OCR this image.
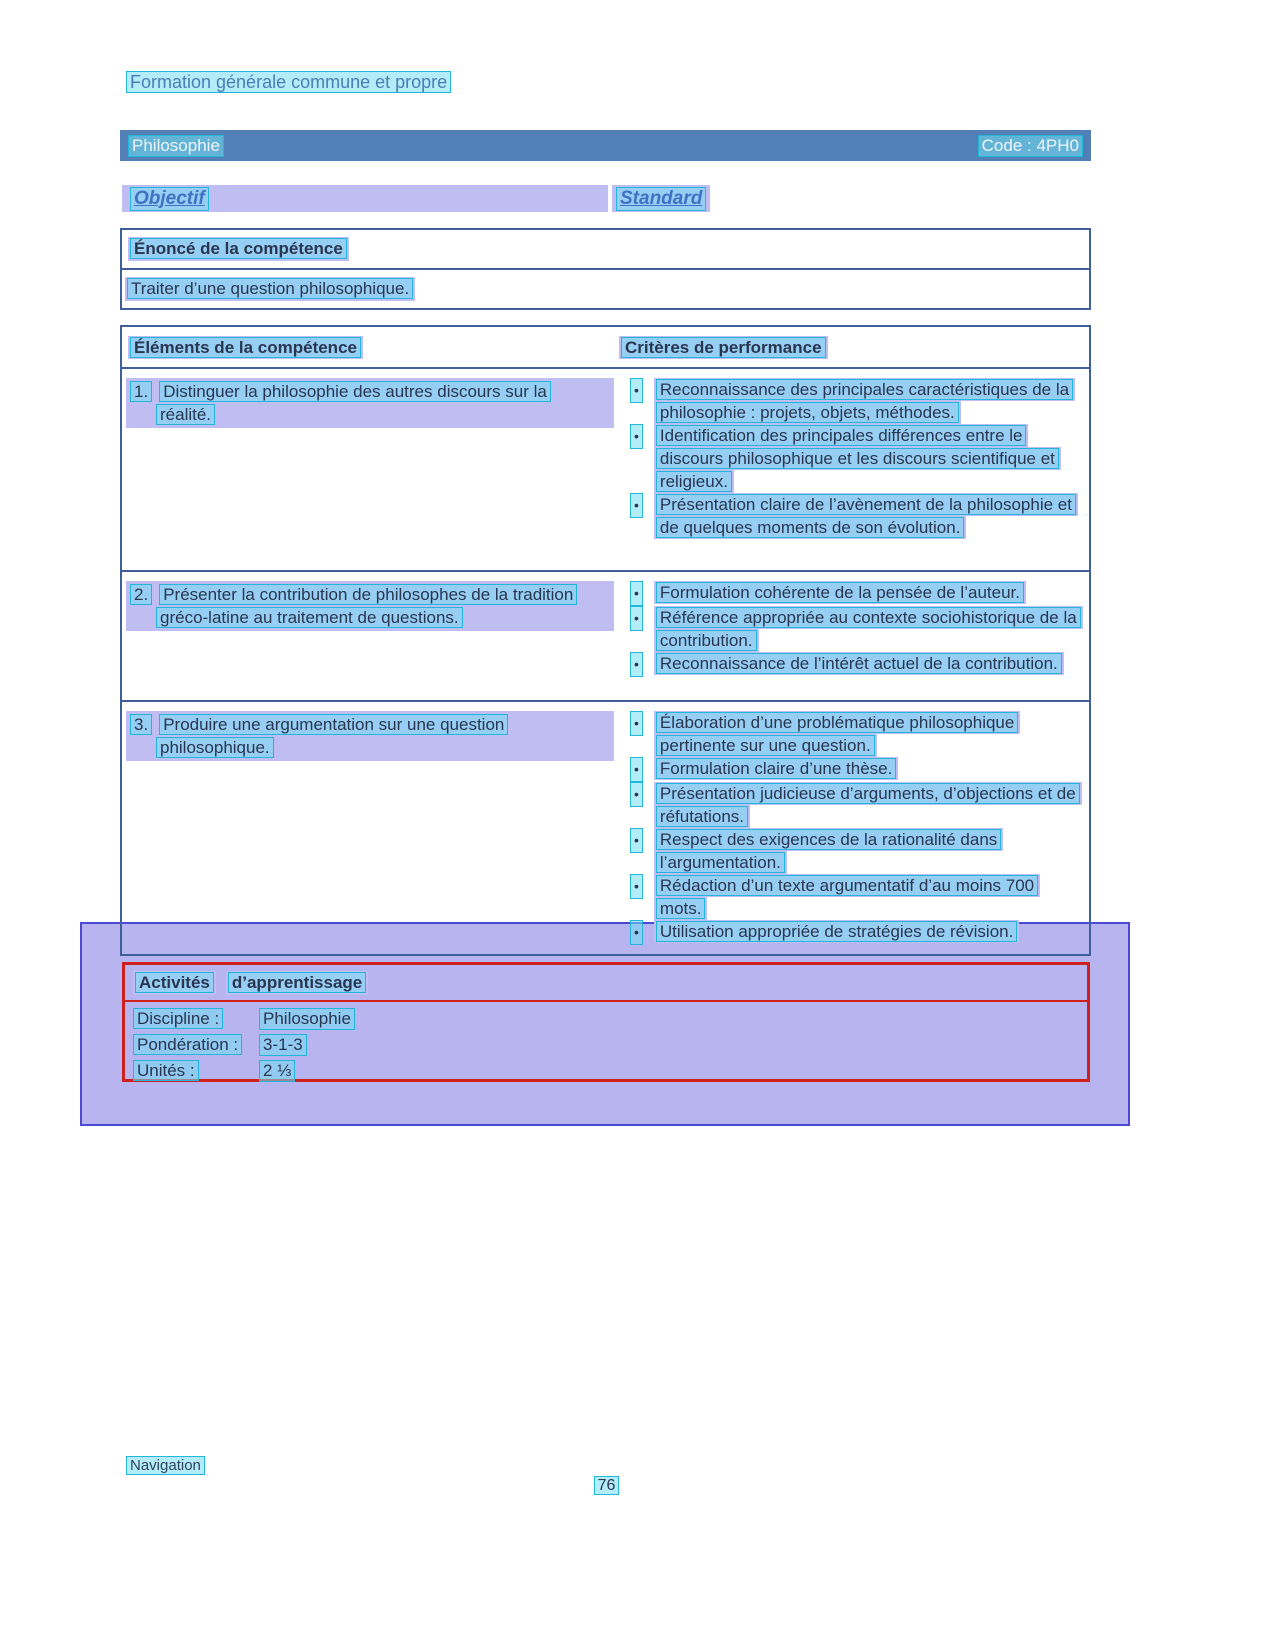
Formation générale commune et propre
Philosophie	Code : 4PH0
Objectif	Standard
Énoncé de la compétence
Traiter d’une question philosophique.
Éléments de la compétence	Critères de performance
1. Distinguer la philosophie des autres discours sur la réalité.
•	Reconnaissance des principales caractéristiques de la philosophie : projets, objets, méthodes.
•	Identification des principales différences entre le discours philosophique et les discours scientifique et religieux.
•	Présentation claire de l’avènement de la philosophie et de quelques moments de son évolution.
2. Présenter la contribution de philosophes de la tradition gréco-latine au traitement de questions.
•	Formulation cohérente de la pensée de l’auteur.
•	Référence appropriée au contexte sociohistorique de la contribution.
•	Reconnaissance de l’intérêt actuel de la contribution.
3. Produire une argumentation sur une question philosophique.
•	Élaboration d’une problématique philosophique pertinente sur une question.
•	Formulation claire d’une thèse.
•	Présentation judicieuse d’arguments, d’objections et de réfutations.
•	Respect des exigences de la rationalité dans l’argumentation.
•	Rédaction d’un texte argumentatif d’au moins 700 mots.
•	Utilisation appropriée de stratégies de révision.
Activités	d’apprentissage
Discipline :	Philosophie
Pondération :	3-1-3
Unités :	2 ⅓
Navigation
76
